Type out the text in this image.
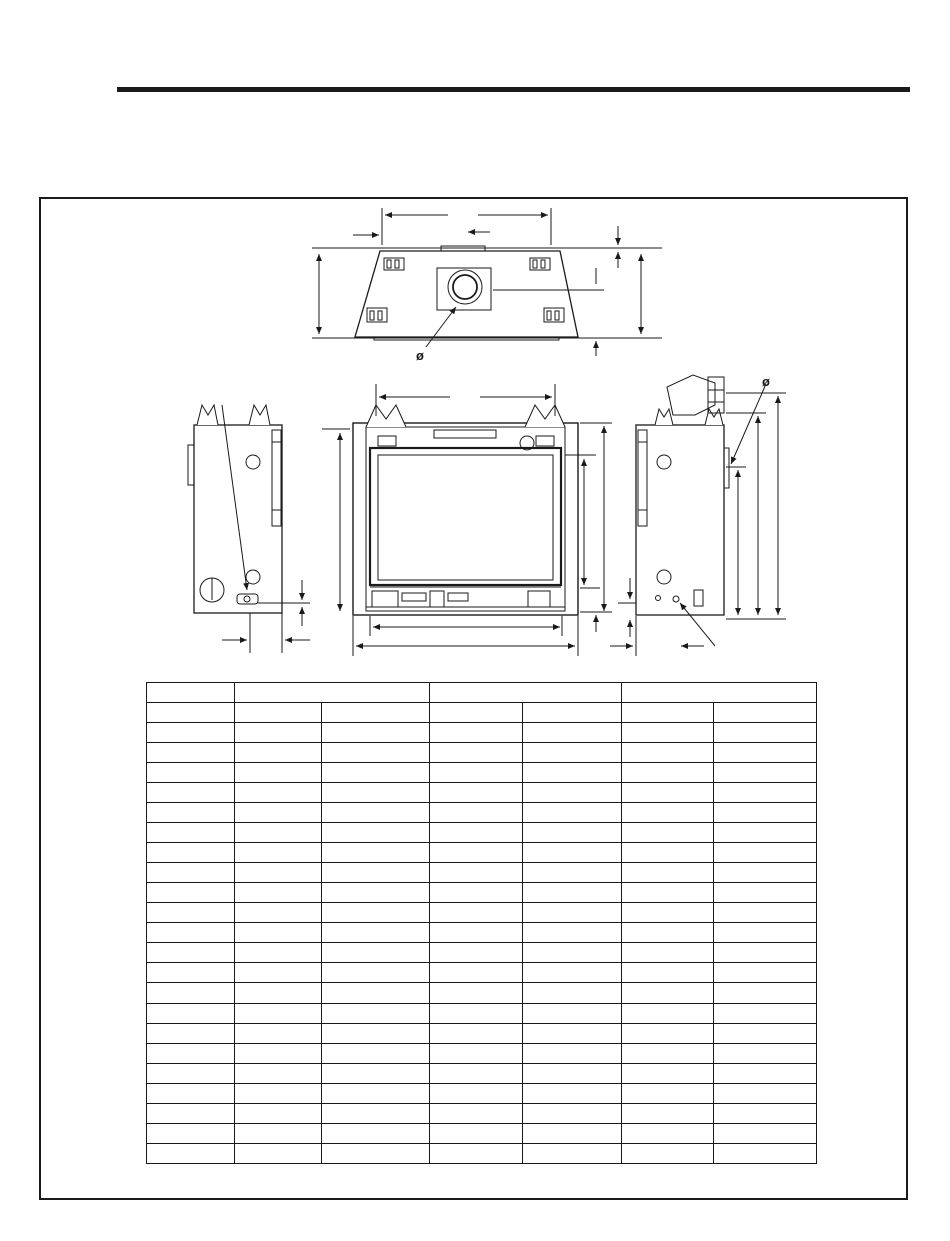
ø
ø
